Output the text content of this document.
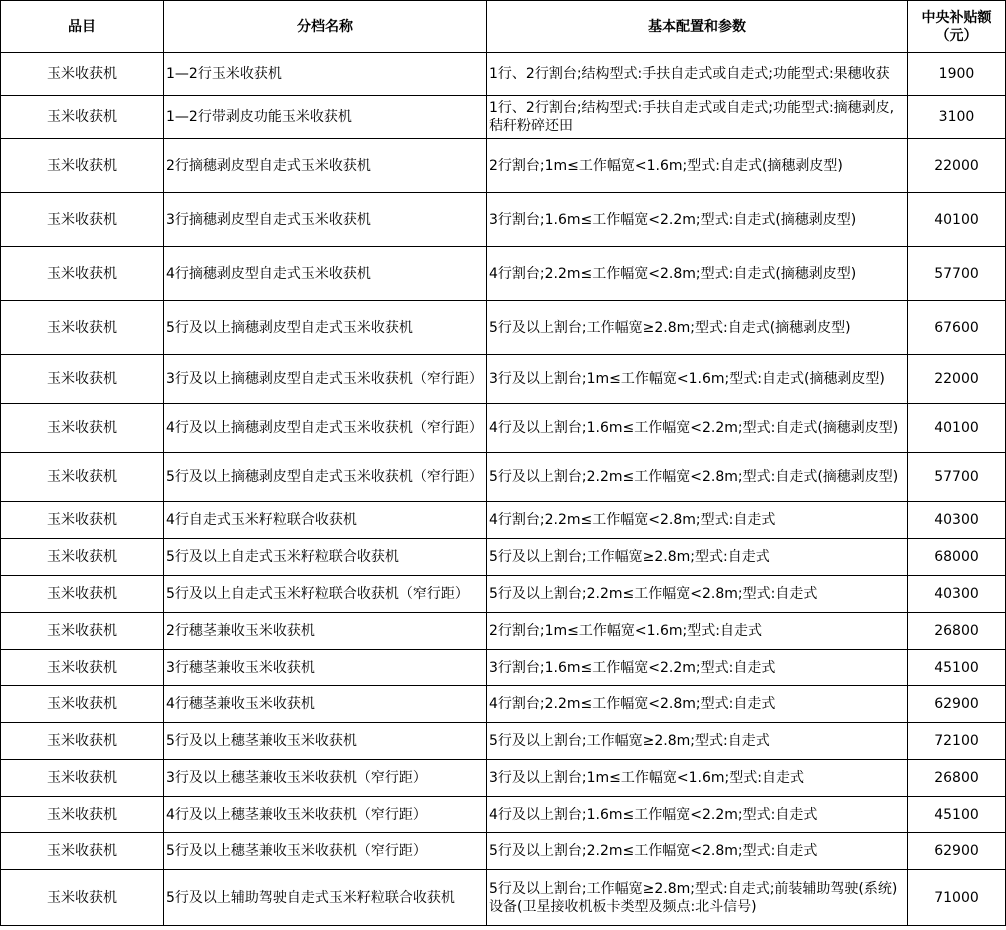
品目	分档名称	基本配置和参数	中央补贴额（元）
玉米收获机	1—2行玉米收获机	1行、2行割台;结构型式:手扶自走式或自走式;功能型式:果穗收获	1900
玉米收获机	1—2行带剥皮功能玉米收获机	1行、2行割台;结构型式:手扶自走式或自走式;功能型式:摘穗剥皮,秸秆粉碎还田	3100
玉米收获机	2行摘穗剥皮型自走式玉米收获机	2行割台;1m≤工作幅宽<1.6m;型式:自走式(摘穗剥皮型)	22000
玉米收获机	3行摘穗剥皮型自走式玉米收获机	3行割台;1.6m≤工作幅宽<2.2m;型式:自走式(摘穗剥皮型)	40100
玉米收获机	4行摘穗剥皮型自走式玉米收获机	4行割台;2.2m≤工作幅宽<2.8m;型式:自走式(摘穗剥皮型)	57700
玉米收获机	5行及以上摘穗剥皮型自走式玉米收获机	5行及以上割台;工作幅宽≥2.8m;型式:自走式(摘穗剥皮型)	67600
玉米收获机	3行及以上摘穗剥皮型自走式玉米收获机（窄行距）	3行及以上割台;1m≤工作幅宽<1.6m;型式:自走式(摘穗剥皮型)	22000
玉米收获机	4行及以上摘穗剥皮型自走式玉米收获机（窄行距）	4行及以上割台;1.6m≤工作幅宽<2.2m;型式:自走式(摘穗剥皮型)	40100
玉米收获机	5行及以上摘穗剥皮型自走式玉米收获机（窄行距）	5行及以上割台;2.2m≤工作幅宽<2.8m;型式:自走式(摘穗剥皮型)	57700
玉米收获机	4行自走式玉米籽粒联合收获机	4行割台;2.2m≤工作幅宽<2.8m;型式:自走式	40300
玉米收获机	5行及以上自走式玉米籽粒联合收获机	5行及以上割台;工作幅宽≥2.8m;型式:自走式	68000
玉米收获机	5行及以上自走式玉米籽粒联合收获机（窄行距）	5行及以上割台;2.2m≤工作幅宽<2.8m;型式:自走式	40300
玉米收获机	2行穗茎兼收玉米收获机	2行割台;1m≤工作幅宽<1.6m;型式:自走式	26800
玉米收获机	3行穗茎兼收玉米收获机	3行割台;1.6m≤工作幅宽<2.2m;型式:自走式	45100
玉米收获机	4行穗茎兼收玉米收获机	4行割台;2.2m≤工作幅宽<2.8m;型式:自走式	62900
玉米收获机	5行及以上穗茎兼收玉米收获机	5行及以上割台;工作幅宽≥2.8m;型式:自走式	72100
玉米收获机	3行及以上穗茎兼收玉米收获机（窄行距）	3行及以上割台;1m≤工作幅宽<1.6m;型式:自走式	26800
玉米收获机	4行及以上穗茎兼收玉米收获机（窄行距）	4行及以上割台;1.6m≤工作幅宽<2.2m;型式:自走式	45100
玉米收获机	5行及以上穗茎兼收玉米收获机（窄行距）	5行及以上割台;2.2m≤工作幅宽<2.8m;型式:自走式	62900
玉米收获机	5行及以上辅助驾驶自走式玉米籽粒联合收获机	5行及以上割台;工作幅宽≥2.8m;型式:自走式;前装辅助驾驶(系统)设备(卫星接收机板卡类型及频点:北斗信号)	71000
